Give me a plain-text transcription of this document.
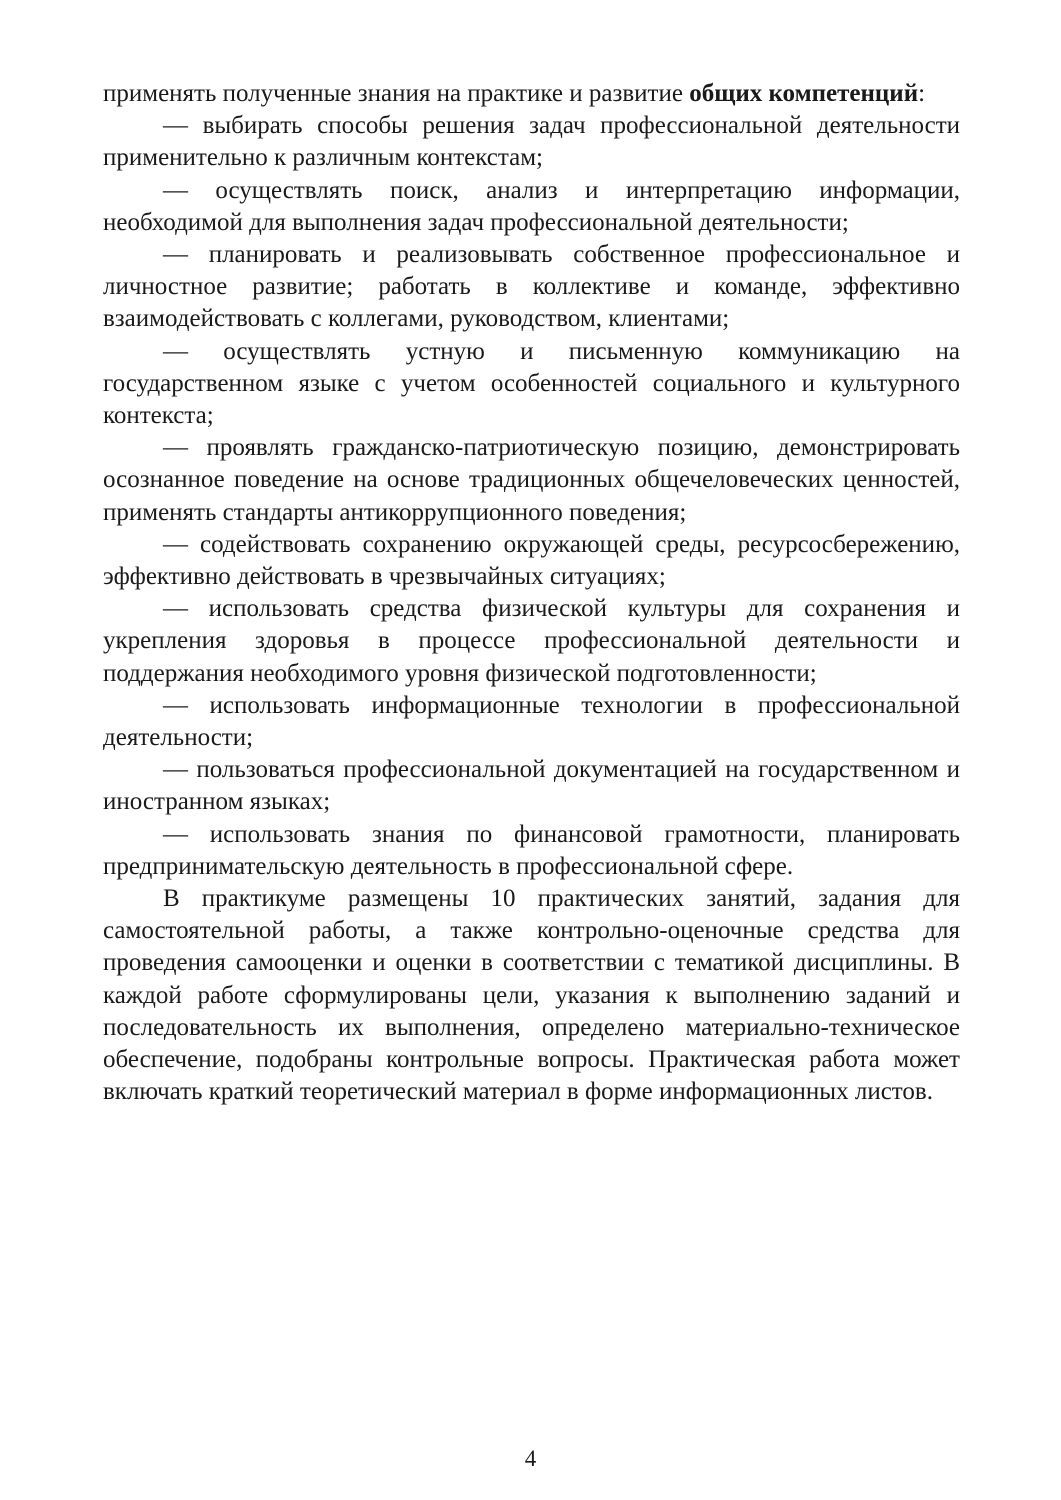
применять полученные знания на практике и развитие общих компетенций:

— выбирать способы решения задач профессиональной деятельности применительно к различным контекстам;

— осуществлять поиск, анализ и интерпретацию информации, необходимой для выполнения задач профессиональной деятельности;

— планировать и реализовывать собственное профессиональное и личностное развитие; работать в коллективе и команде, эффективно взаимодействовать с коллегами, руководством, клиентами;

— осуществлять устную и письменную коммуникацию на государственном языке с учетом особенностей социального и культурного контекста;

— проявлять гражданско-патриотическую позицию, демонстрировать осознанное поведение на основе традиционных общечеловеческих ценностей, применять стандарты антикоррупционного поведения;

— содействовать сохранению окружающей среды, ресурсосбережению, эффективно действовать в чрезвычайных ситуациях;

— использовать средства физической культуры для сохранения и укрепления здоровья в процессе профессиональной деятельности и поддержания необходимого уровня физической подготовленности;

— использовать информационные технологии в профессиональной деятельности;

— пользоваться профессиональной документацией на государственном и иностранном языках;

— использовать знания по финансовой грамотности, планировать предпринимательскую деятельность в профессиональной сфере.

В практикуме размещены 10 практических занятий, задания для самостоятельной работы, а также контрольно-оценочные средства для проведения самооценки и оценки в соответствии с тематикой дисциплины. В каждой работе сформулированы цели, указания к выполнению заданий и последовательность их выполнения, определено материально-техническое обеспечение, подобраны контрольные вопросы. Практическая работа может включать краткий теоретический материал в форме информационных листов.

4
